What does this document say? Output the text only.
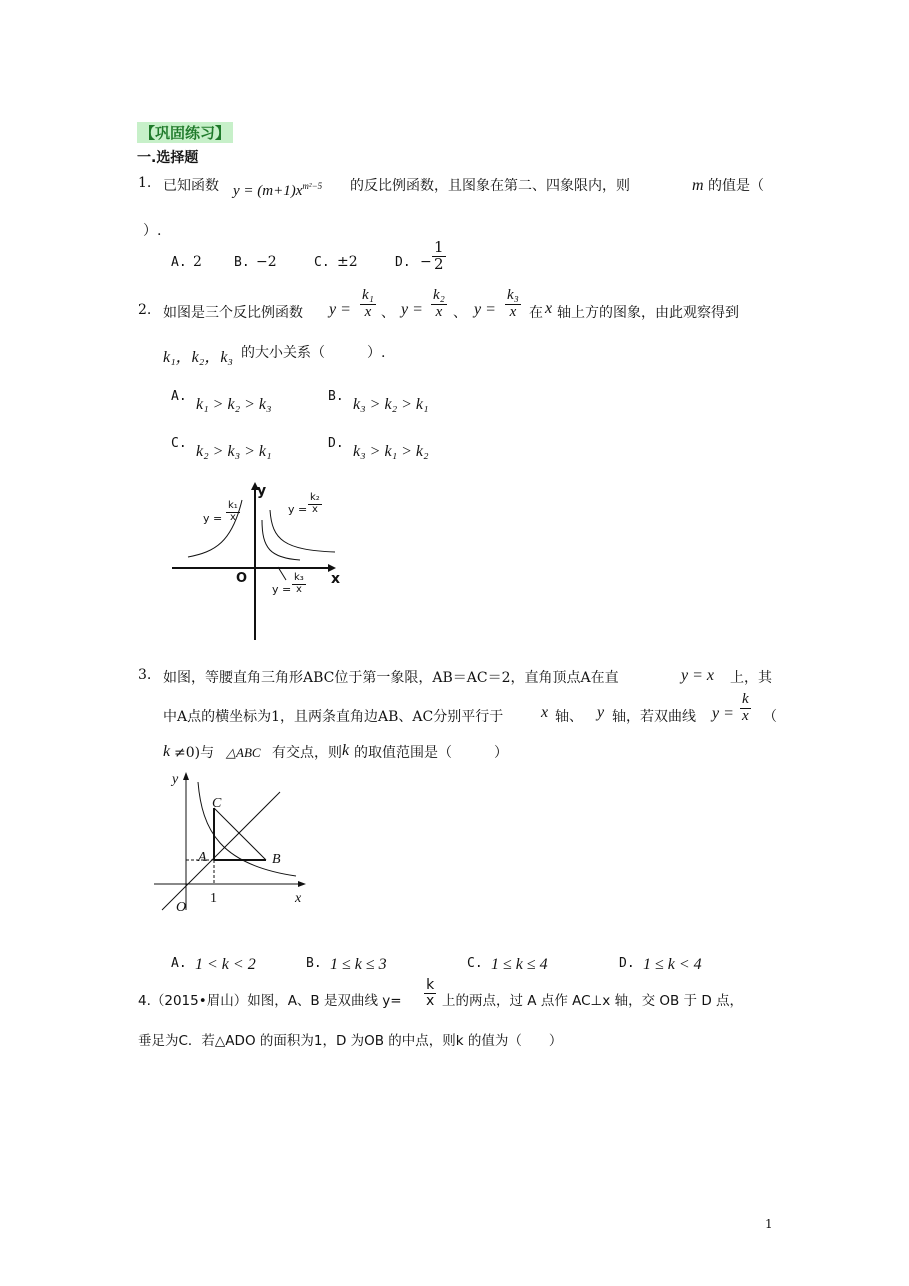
【巩固练习】
一.选择题
1. 已知函数 $y = (m+1)x^{m^2-5}$ 的反比例函数，且图象在第二、四象限内，则	m 的值是（
）.
A. 2 B. −2	C. ±2	D. − $\frac{1}{2}$
2. 如图是三个反比例函数 $y = \frac{\text{k₁}}{x}$ 、 $y = \frac{\text{k₂}}{x}$ 、 $y = \frac{\text{k₃}}{x}$ 在 x 轴上方的图象，由此观察得到
k₁，k₂，k₃ 的大小关系（　　　）.
A. k₁ > k₂ > k₃	B. k₃ > k₂ > k₁
C. k₂ > k₃ > k₁	D. k₃ > k₁ > k₂
y
x
O
$y = \frac{\text{k₁}}{x}$	$y = \frac{\text{k₂}}{x}$
$y = \frac{\text{k₃}}{x}$
3. 如图，等腰直角三角形ABC位于第一象限，AB＝AC＝2，直角顶点A在直	y = x 上，其
中A点的横坐标为1，且两条直角边AB、AC分别平行于 x 轴、 y 轴，若双曲线 $y = \frac{k}{x}$ （
k ≠0)与 △ABC 有交点，则 k 的取值范围是（　　　）
y
x
O
A	B
C
1
A. 1 < k < 2	B. 1 ≤ k ≤ 3	C. 1 ≤ k ≤ 4	D. 1 ≤ k < 4
4.（2015•眉山）如图，A、B 是双曲线 $y= \frac{k}{x}$ 上的两点，过 A 点作 AC⊥x 轴，交 OB 于 D 点，
垂足为C．若△ADO 的面积为1，D 为OB 的中点，则k 的值为（　　）
1
